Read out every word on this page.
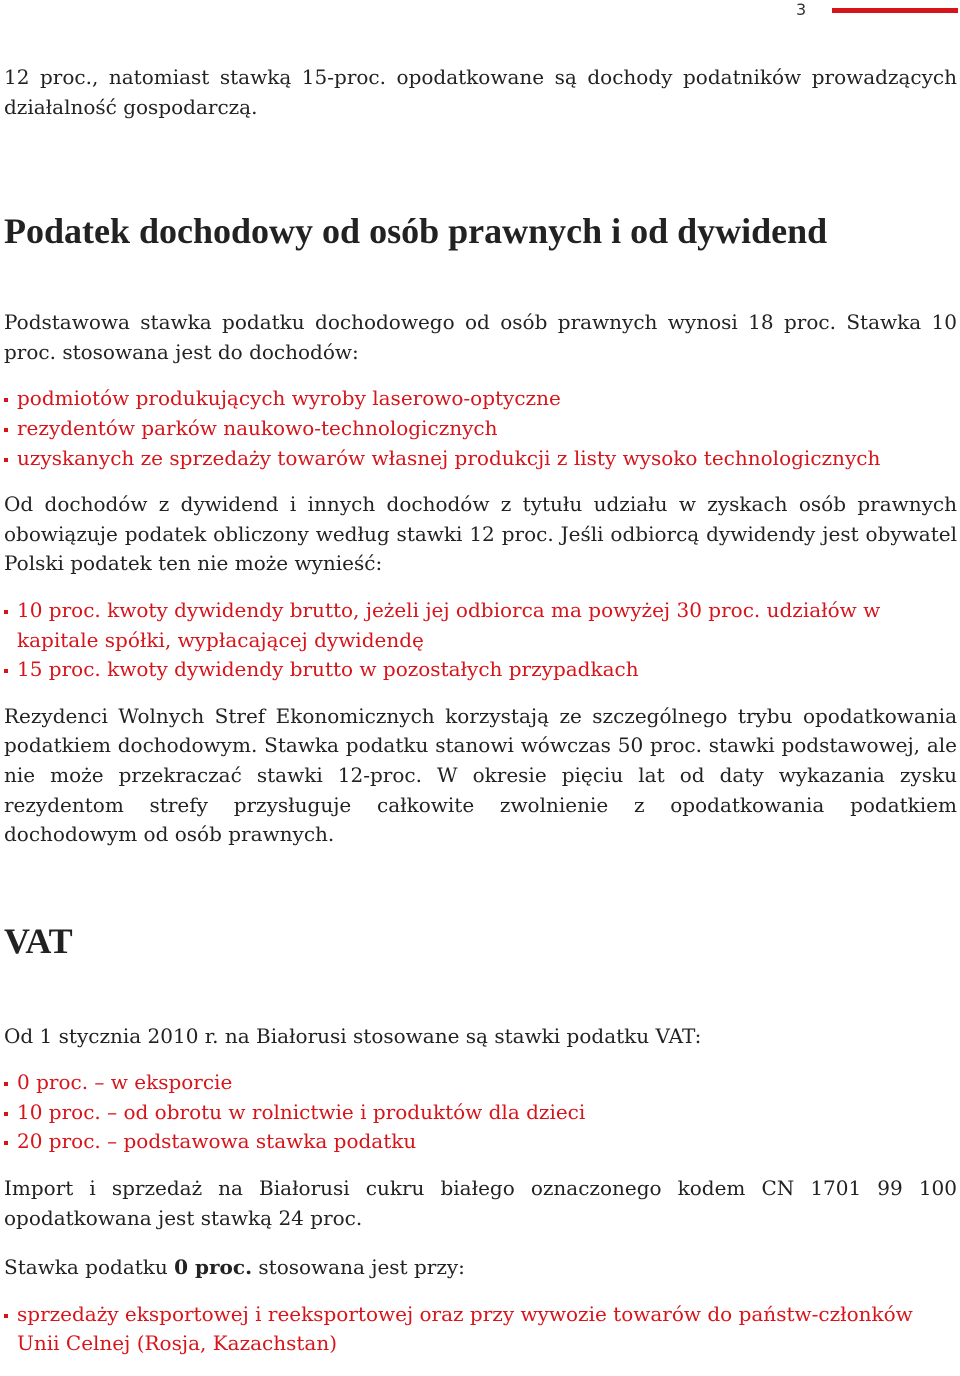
3

12 proc., natomiast stawką 15-proc. opodatkowane są dochody podatników prowadzących działalność gospodarczą.

Podatek dochodowy od osób prawnych i od dywidend

Podstawowa stawka podatku dochodowego od osób prawnych wynosi 18 proc. Stawka 10 proc. stosowana jest do dochodów:

podmiotów produkujących wyroby laserowo-optyczne
rezydentów parków naukowo-technologicznych
uzyskanych ze sprzedaży towarów własnej produkcji z listy wysoko technologicznych

Od dochodów z dywidend i innych dochodów z tytułu udziału w zyskach osób prawnych obowiązuje podatek obliczony według stawki 12 proc. Jeśli odbiorcą dywidendy jest obywatel Polski podatek ten nie może wynieść:

10 proc. kwoty dywidendy brutto, jeżeli jej odbiorca ma powyżej 30 proc. udziałów w kapitale spółki, wypłacającej dywidendę
15 proc. kwoty dywidendy brutto w pozostałych przypadkach

Rezydenci Wolnych Stref Ekonomicznych korzystają ze szczególnego trybu opodatkowania podatkiem dochodowym. Stawka podatku stanowi wówczas 50 proc. stawki podstawowej, ale nie może przekraczać stawki 12-proc. W okresie pięciu lat od daty wykazania zysku rezydentom strefy przysługuje całkowite zwolnienie z opodatkowania podatkiem dochodowym od osób prawnych.

VAT

Od 1 stycznia 2010 r. na Białorusi stosowane są stawki podatku VAT:

0 proc. – w eksporcie
10 proc. – od obrotu w rolnictwie i produktów dla dzieci
20 proc. – podstawowa stawka podatku

Import i sprzedaż na Białorusi cukru białego oznaczonego kodem CN 1701 99 100 opodatkowana jest stawką 24 proc.

Stawka podatku 0 proc. stosowana jest przy:

sprzedaży eksportowej i reeksportowej oraz przy wywozie towarów do państw-członków Unii Celnej (Rosja, Kazachstan)
